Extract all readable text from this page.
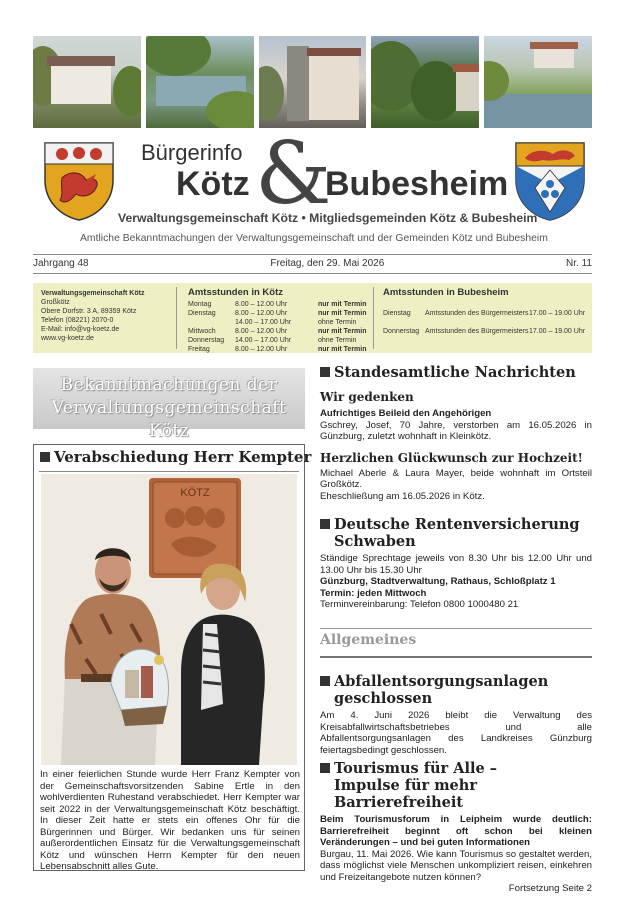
Bürgerinfo
Kötz &
Bubesheim
Verwaltungsgemeinschaft Kötz • Mitgliedsgemeinden Kötz & Bubesheim
Amtliche Bekanntmachungen der Verwaltungsgemeinschaft und der Gemeinden Kötz und Bubesheim
Jahrgang 48	Freitag, den 29. Mai 2026	Nr. 11
Verwaltungsgemeinschaft Kötz
Großkötz
Obere Dorfstr. 3 A, 89359 Kötz
Telefon (08221) 2070-0
E-Mail: info@vg-koetz.de
www.vg-koetz.de
Amtsstunden in Kötz
Montag	8.00 – 12.00 Uhr	nur mit Termin
Dienstag	8.00 – 12.00 Uhr	nur mit Termin
14.00 – 17.00 Uhr	ohne Termin
Mittwoch	8.00 – 12.00 Uhr	nur mit Termin
Donnerstag	14.00 – 17.00 Uhr	ohne Termin
Freitag	8.00 – 12.00 Uhr	nur mit Termin
Amtsstunden in Bubesheim
Dienstag	Amtsstunden des Bürgermeisters 17.00 – 19.00 Uhr
Donnerstag Amtsstunden des Bürgermeisters 17.00 – 19.00 Uhr
Bekanntmachungen der
Verwaltungsgemeinschaft Kötz
Verabschiedung Herr Kempter
KÖTZ
In einer feierlichen Stunde wurde Herr Franz Kempter von der Gemeinschaftsvorsitzenden Sabine Ertle in den wohlverdienten Ruhestand verabschiedet. Herr Kempter war seit 2022 in der Verwaltungsgemeinschaft Kötz beschäftigt. In dieser Zeit hatte er stets ein offenes Ohr für die Bürgerinnen und Bürger. Wir bedanken uns für seinen außerordentlichen Einsatz für die Verwaltungsgemeinschaft Kötz und wünschen Herrn Kempter für den neuen Lebensabschnitt alles Gute.
Standesamtliche Nachrichten
Wir gedenken
Aufrichtiges Beileid den Angehörigen
Gschrey, Josef, 70 Jahre, verstorben am 16.05.2026 in Günzburg, zuletzt wohnhaft in Kleinkötz.
Herzlichen Glückwunsch zur Hochzeit!
Michael Aberle & Laura Mayer, beide wohnhaft im Ortsteil Großkötz.
Eheschließung am 16.05.2026 in Kötz.
Deutsche Rentenversicherung
Schwaben
Ständige Sprechtage jeweils von 8.30 Uhr bis 12.00 Uhr und 13.00 Uhr bis 15.30 Uhr
Günzburg, Stadtverwaltung, Rathaus, Schloßplatz 1
Termin: jeden Mittwoch
Terminvereinbarung: Telefon 0800 1000480 21
Allgemeines
Abfallentsorgungsanlagen
geschlossen
Am 4. Juni 2026 bleibt die Verwaltung des Kreisabfallwirtschaftsbetriebes und alle Abfallentsorgungsanlagen des Landkreises Günzburg feiertagsbedingt geschlossen.
Tourismus für Alle –
Impulse für mehr Barrierefreiheit
Beim Tourismusforum in Leipheim wurde deutlich: Barrierefreiheit beginnt oft schon bei kleinen Veränderungen – und bei guten Informationen
Burgau, 11. Mai 2026. Wie kann Tourismus so gestaltet werden, dass möglichst viele Menschen unkompliziert reisen, einkehren und Freizeitangebote nutzen können?
Fortsetzung Seite 2
